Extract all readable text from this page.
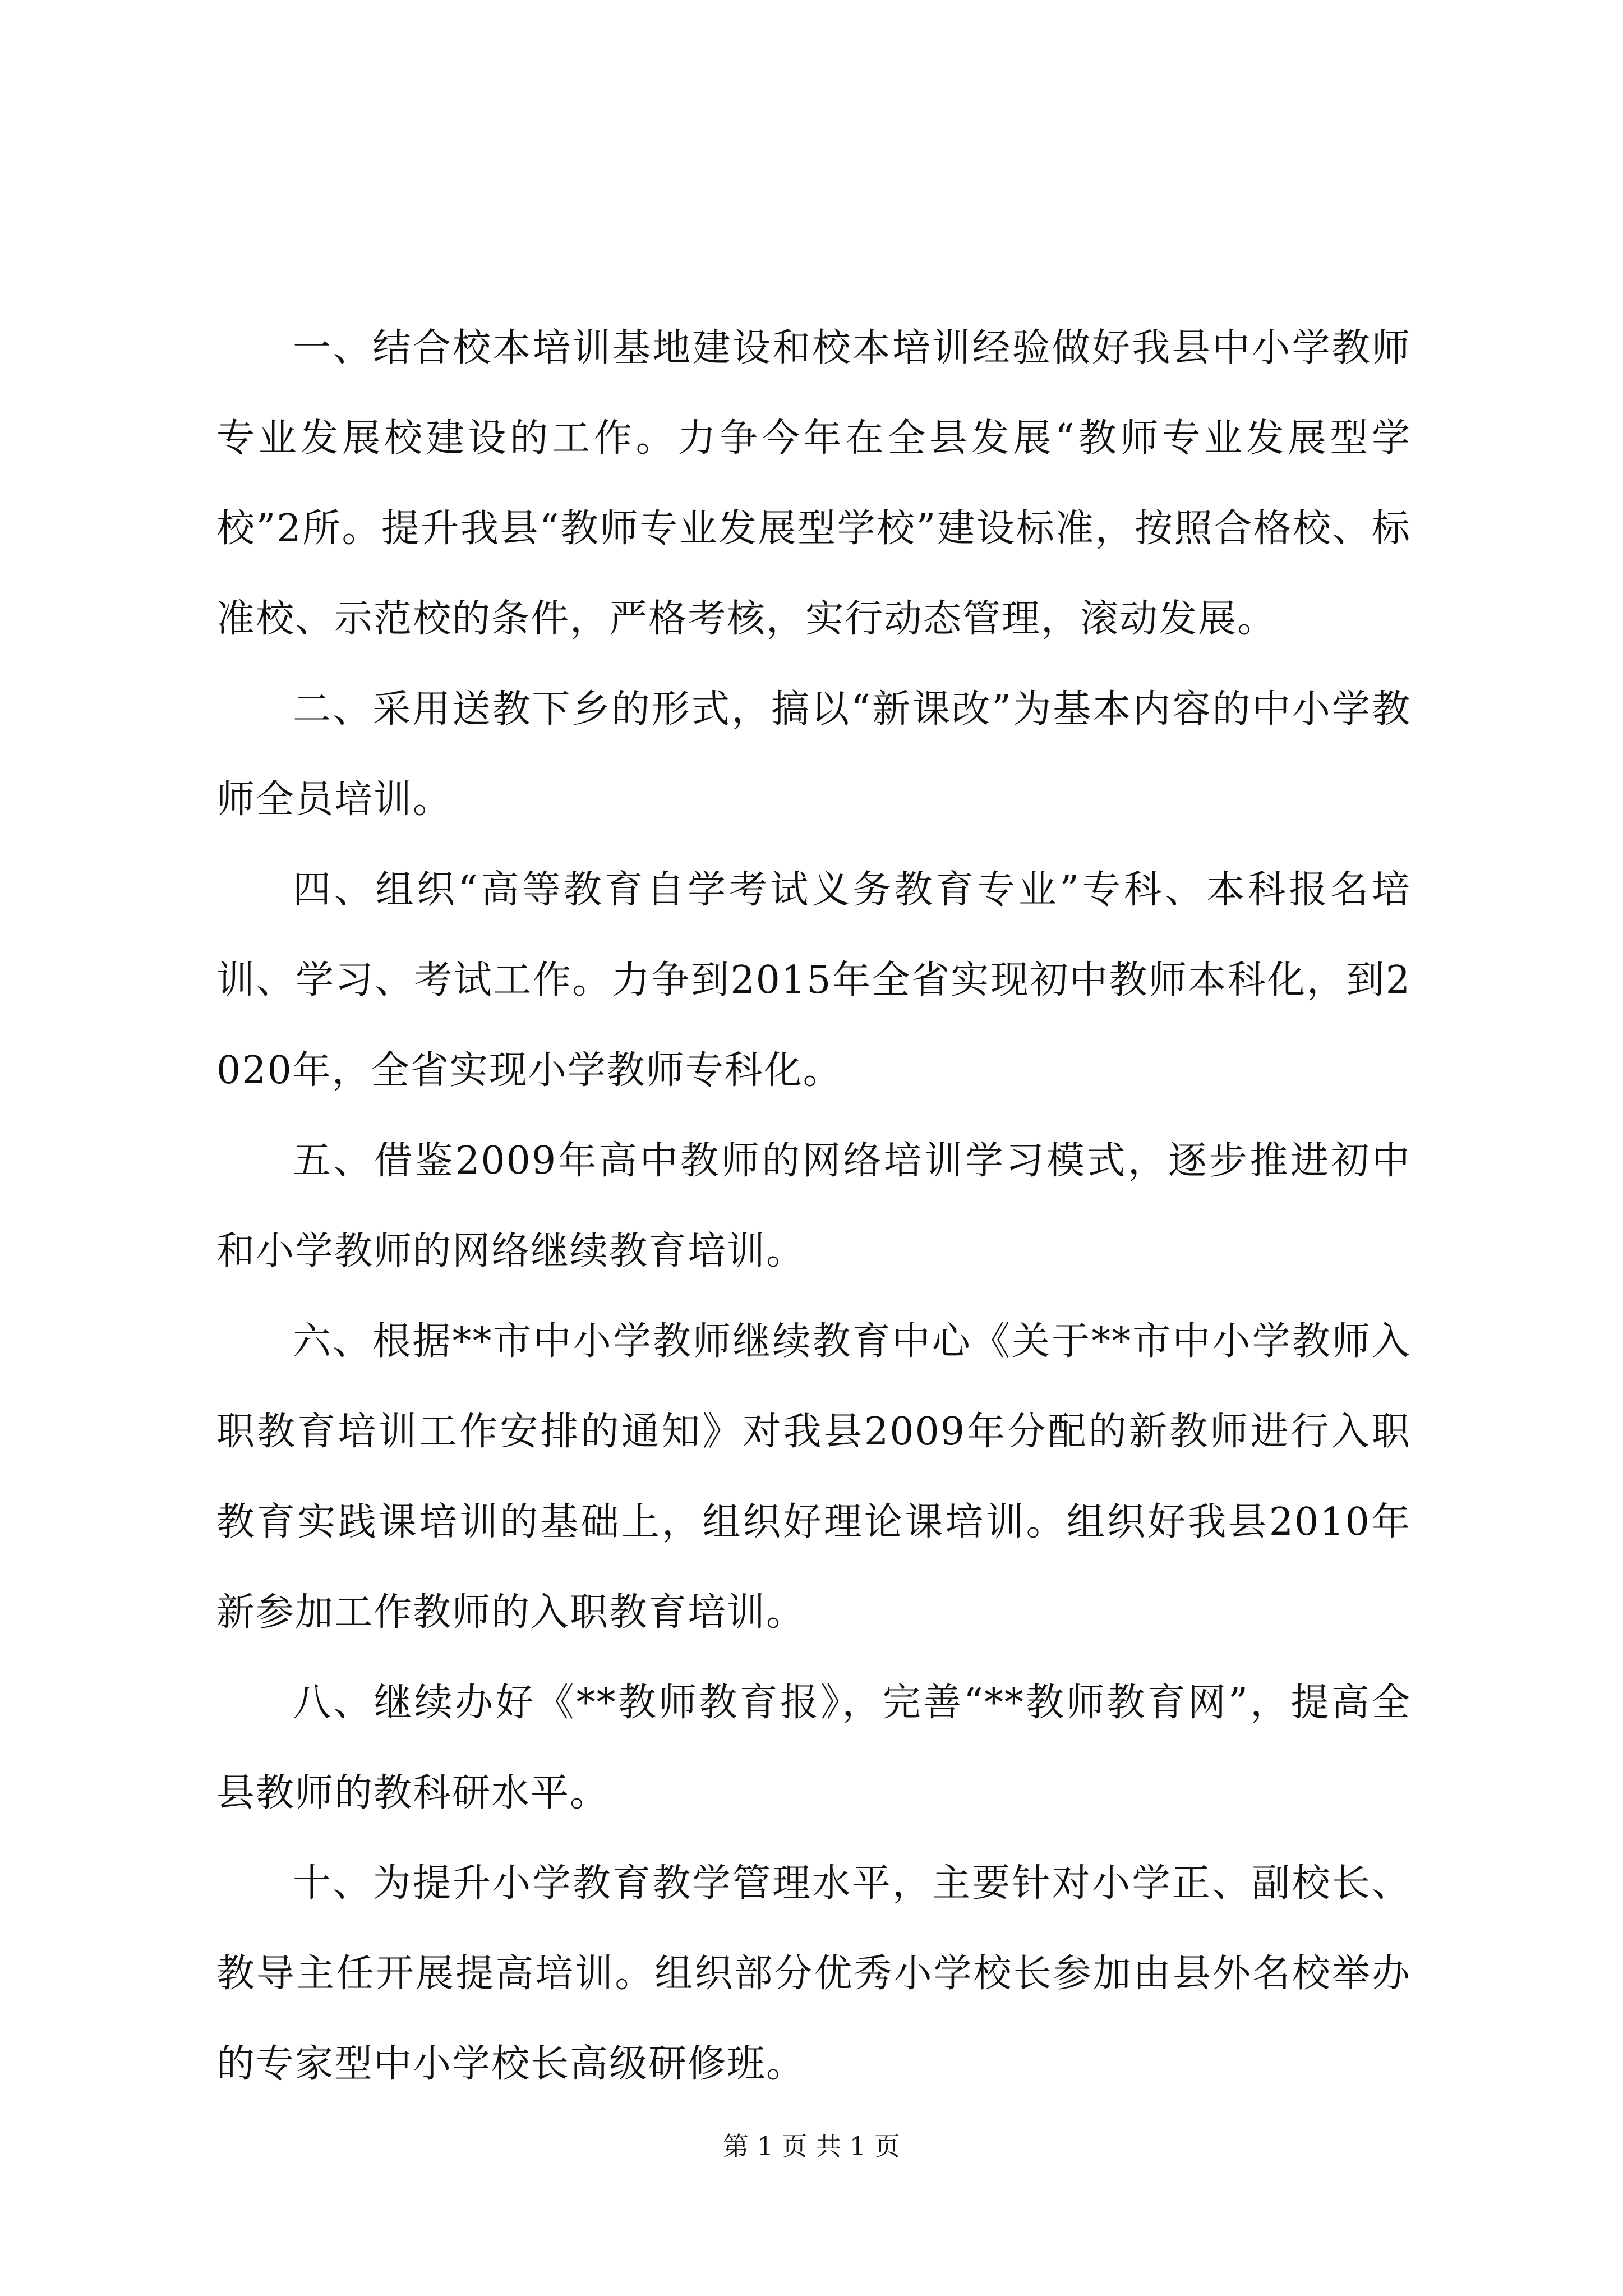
一、结合校本培训基地建设和校本培训经验做好我县中小学教师专业发展校建设的工作。力争今年在全县发展“教师专业发展型学校”2所。提升我县“教师专业发展型学校”建设标准，按照合格校、标准校、示范校的条件，严格考核，实行动态管理，滚动发展。

二、采用送教下乡的形式，搞以“新课改”为基本内容的中小学教师全员培训。

四、组织“高等教育自学考试义务教育专业”专科、本科报名培训、学习、考试工作。力争到2015年全省实现初中教师本科化，到2020年，全省实现小学教师专科化。

五、借鉴2009年高中教师的网络培训学习模式，逐步推进初中和小学教师的网络继续教育培训。

六、根据**市中小学教师继续教育中心《关于**市中小学教师入职教育培训工作安排的通知》对我县2009年分配的新教师进行入职教育实践课培训的基础上，组织好理论课培训。组织好我县2010年新参加工作教师的入职教育培训。

八、继续办好《**教师教育报》，完善“**教师教育网”，提高全县教师的教科研水平。

十、为提升小学教育教学管理水平，主要针对小学正、副校长、教导主任开展提高培训。组织部分优秀小学校长参加由县外名校举办的专家型中小学校长高级研修班。

第 1 页 共 1 页
